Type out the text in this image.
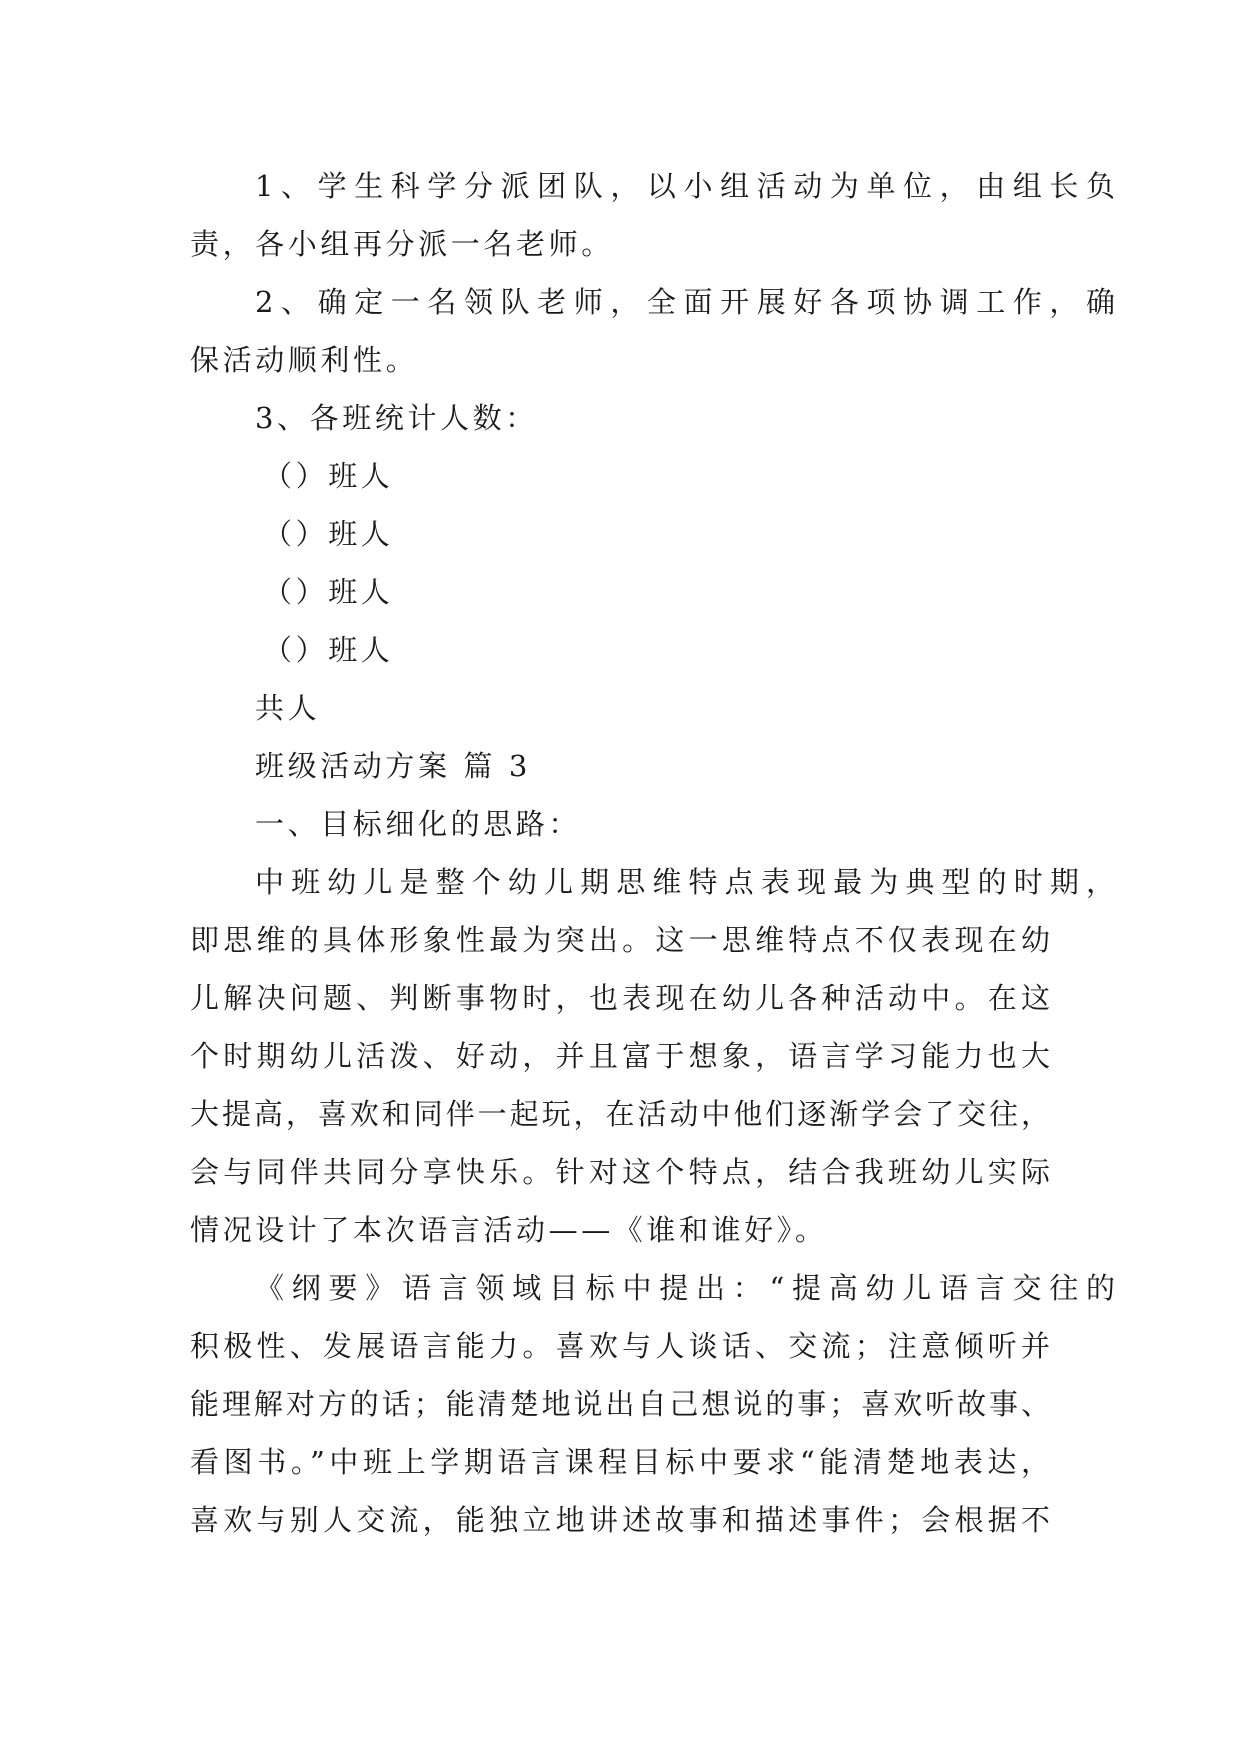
1、学生科学分派团队，以小组活动为单位，由组长负

责，各小组再分派一名老师。

2、确定一名领队老师，全面开展好各项协调工作，确

保活动顺利性。

3、各班统计人数：

（）班人

（）班人

（）班人

（）班人

共人

班级活动方案 篇 3

一、目标细化的思路：

中班幼儿是整个幼儿期思维特点表现最为典型的时期，

即思维的具体形象性最为突出。这一思维特点不仅表现在幼

儿解决问题、判断事物时，也表现在幼儿各种活动中。在这

个时期幼儿活泼、好动，并且富于想象，语言学习能力也大

大提高，喜欢和同伴一起玩，在活动中他们逐渐学会了交往，

会与同伴共同分享快乐。针对这个特点，结合我班幼儿实际

情况设计了本次语言活动——《谁和谁好》。

《纲要》语言领域目标中提出：“提高幼儿语言交往的

积极性、发展语言能力。喜欢与人谈话、交流；注意倾听并

能理解对方的话；能清楚地说出自己想说的事；喜欢听故事、

看图书。”中班上学期语言课程目标中要求“能清楚地表达，

喜欢与别人交流，能独立地讲述故事和描述事件；会根据不
